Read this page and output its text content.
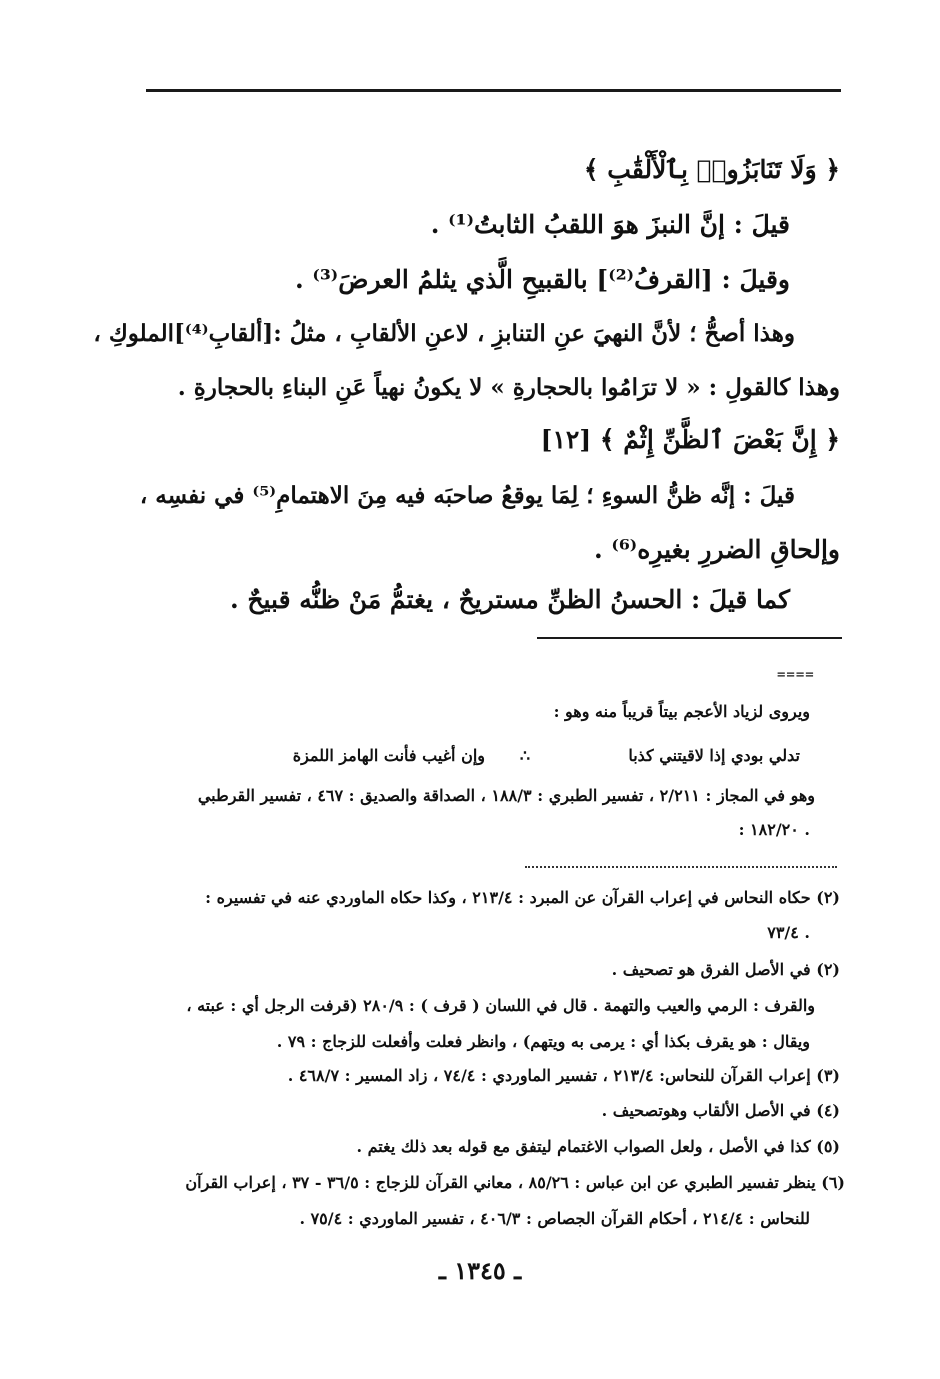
﴿ وَلَا تَنَابَزُوا۟ بِٱلْأَلْقَٰبِ ﴾
قيلَ : إنَّ النبزَ هوَ اللقبُ الثابتُ⁽¹⁾ .
وقيلَ : [القرفُ⁽²⁾] بالقبيحِ الَّذي يثلمُ العرضَ⁽³⁾ .
وهذا أصحُّ ؛ لأنَّ النهيَ عنِ التنابزِ ، لاعنِ الألقابِ ، مثلُ :[ألقابِ⁽⁴⁾]الملوكِ ،
وهذا كالقولِ : « لا ترَامُوا بالحجارةِ » لا يكونُ نهياً عَنِ البناءِ بالحجارةِ .
﴿ إِنَّ بَعْضَ ٱلظَّنِّ إِثْمٌ ﴾ [١٢]
قيلَ : إنَّه ظنُّ السوءِ ؛ لِمَا يوقعُ صاحبَه فيه مِنَ الاهتمامِ⁽⁵⁾ في نفسِه ،
وإلحاقِ الضررِ بغيرِه⁽⁶⁾ .
كما قيلَ : الحسنُ الظنِّ مستريحٌ ، يغتمُّ مَنْ ظنُّه قبيحٌ .
====
ويروى لزياد الأعجم بيتاً قريباً منه وهو :
تدلي بودي إذا لاقيتني كذبا
∴
وإن أغيب فأنت الهامز اللمزة
وهو في المجاز : ٢/٢١١ ، تفسير الطبري : ١٨٨/٣ ، الصداقة والصديق : ٤٦٧ ، تفسير القرطبي
: ١٨٢/٢٠ .
(٢) حكاه النحاس في إعراب القرآن عن المبرد : ٢١٣/٤ ، وكذا حكاه الماوردي عنه في تفسيره :
٧٣/٤ .
(٢) في الأصل الفرق هو تصحيف .
والقرف : الرمي والعيب والتهمة . قال في اللسان ( قرف ) : ٢٨٠/٩ (قرفت الرجل أي : عبته ،
ويقال : هو يقرف بكذا أي : يرمى به ويتهم) ، وانظر فعلت وأفعلت للزجاج : ٧٩ .
(٣) إعراب القرآن للنحاس: ٢١٣/٤ ، تفسير الماوردي : ٧٤/٤ ، زاد المسير : ٤٦٨/٧ .
(٤) في الأصل الألقاب وهوتصحيف .
(٥) كذا في الأصل ، ولعل الصواب الاغتمام ليتفق مع قوله بعد ذلك يغتم .
(٦) ينظر تفسير الطبري عن ابن عباس : ٨٥/٢٦ ، معاني القرآن للزجاج : ٣٦/٥ - ٣٧ ، إعراب القرآن
للنحاس : ٢١٤/٤ ، أحكام القرآن الجصاص : ٤٠٦/٣ ، تفسير الماوردي : ٧٥/٤ .
ـ ١٣٤٥ ـ
